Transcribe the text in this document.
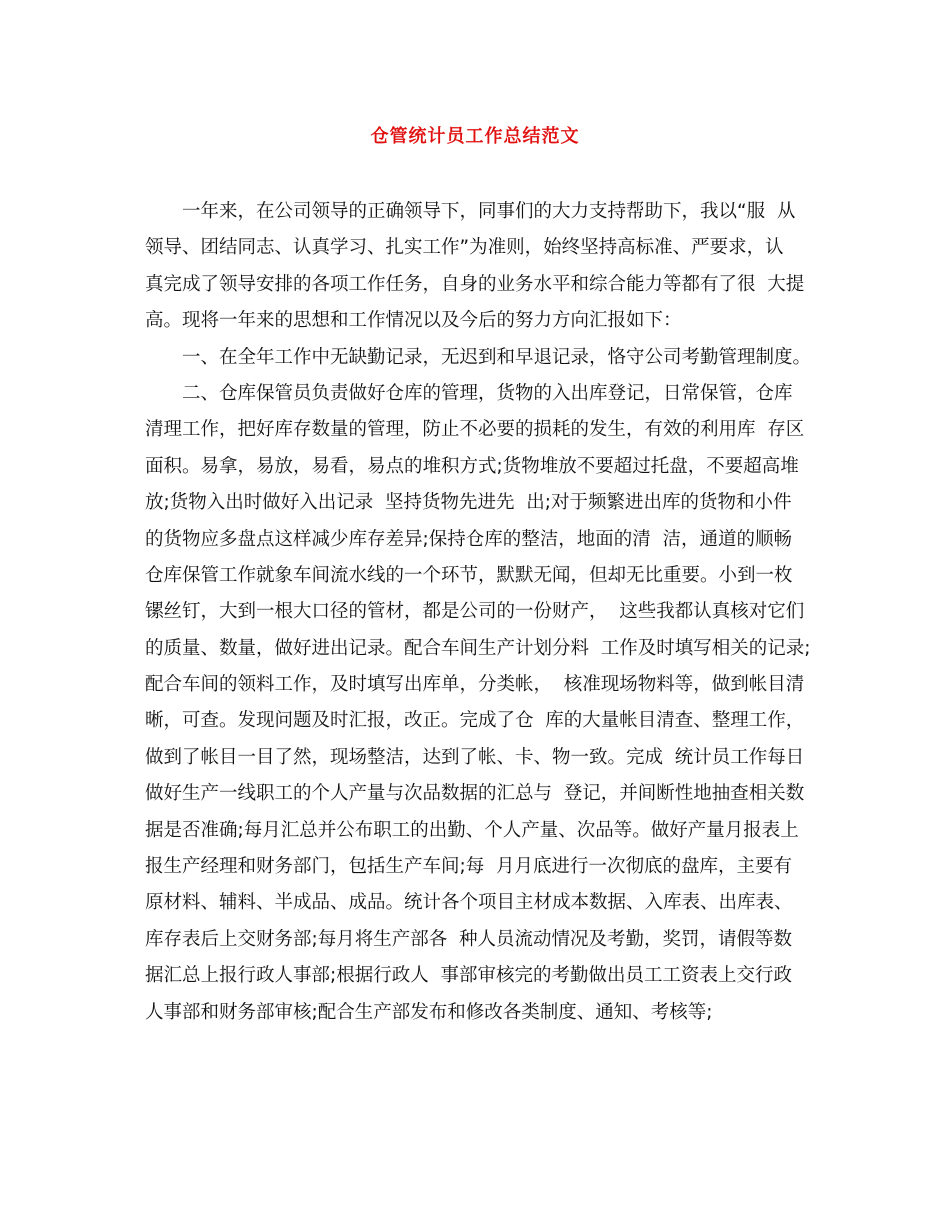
仓管统计员工作总结范文
一年来，在公司领导的正确领导下，同事们的大力支持帮助下，我以“服  从
领导、团结同志、认真学习、扎实工作”为准则，始终坚持高标准、严要求，认
真完成了领导安排的各项工作任务，自身的业务水平和综合能力等都有了很  大提
高。现将一年来的思想和工作情况以及今后的努力方向汇报如下：
一、在全年工作中无缺勤记录，无迟到和早退记录，恪守公司考勤管理制度。
二、仓库保管员负责做好仓库的管理，货物的入出库登记，日常保管，仓库
清理工作，把好库存数量的管理，防止不必要的损耗的发生，有效的利用库  存区
面积。易拿，易放，易看，易点的堆积方式;货物堆放不要超过托盘，不要超高堆
放;货物入出时做好入出记录  坚持货物先进先  出;对于频繁进出库的货物和小件
的货物应多盘点这样减少库存差异;保持仓库的整洁，地面的清  洁，通道的顺畅
仓库保管工作就象车间流水线的一个环节，默默无闻，但却无比重要。小到一枚
镙丝钉，大到一根大口径的管材，都是公司的一份财产，  这些我都认真核对它们
的质量、数量，做好进出记录。配合车间生产计划分料  工作及时填写相关的记录;
配合车间的领料工作，及时填写出库单，分类帐，  核准现场物料等，做到帐目清
晰，可查。发现问题及时汇报，改正。完成了仓  库的大量帐目清查、整理工作，
做到了帐目一目了然，现场整洁，达到了帐、卡、物一致。完成  统计员工作每日
做好生产一线职工的个人产量与次品数据的汇总与  登记，并间断性地抽查相关数
据是否准确;每月汇总并公布职工的出勤、个人产量、次品等。做好产量月报表上
报生产经理和财务部门，包括生产车间;每  月月底进行一次彻底的盘库，主要有
原材料、辅料、半成品、成品。统计各个项目主材成本数据、入库表、出库表、
库存表后上交财务部;每月将生产部各  种人员流动情况及考勤，奖罚，请假等数
据汇总上报行政人事部;根据行政人  事部审核完的考勤做出员工工资表上交行政
人事部和财务部审核;配合生产部发布和修改各类制度、通知、考核等;
